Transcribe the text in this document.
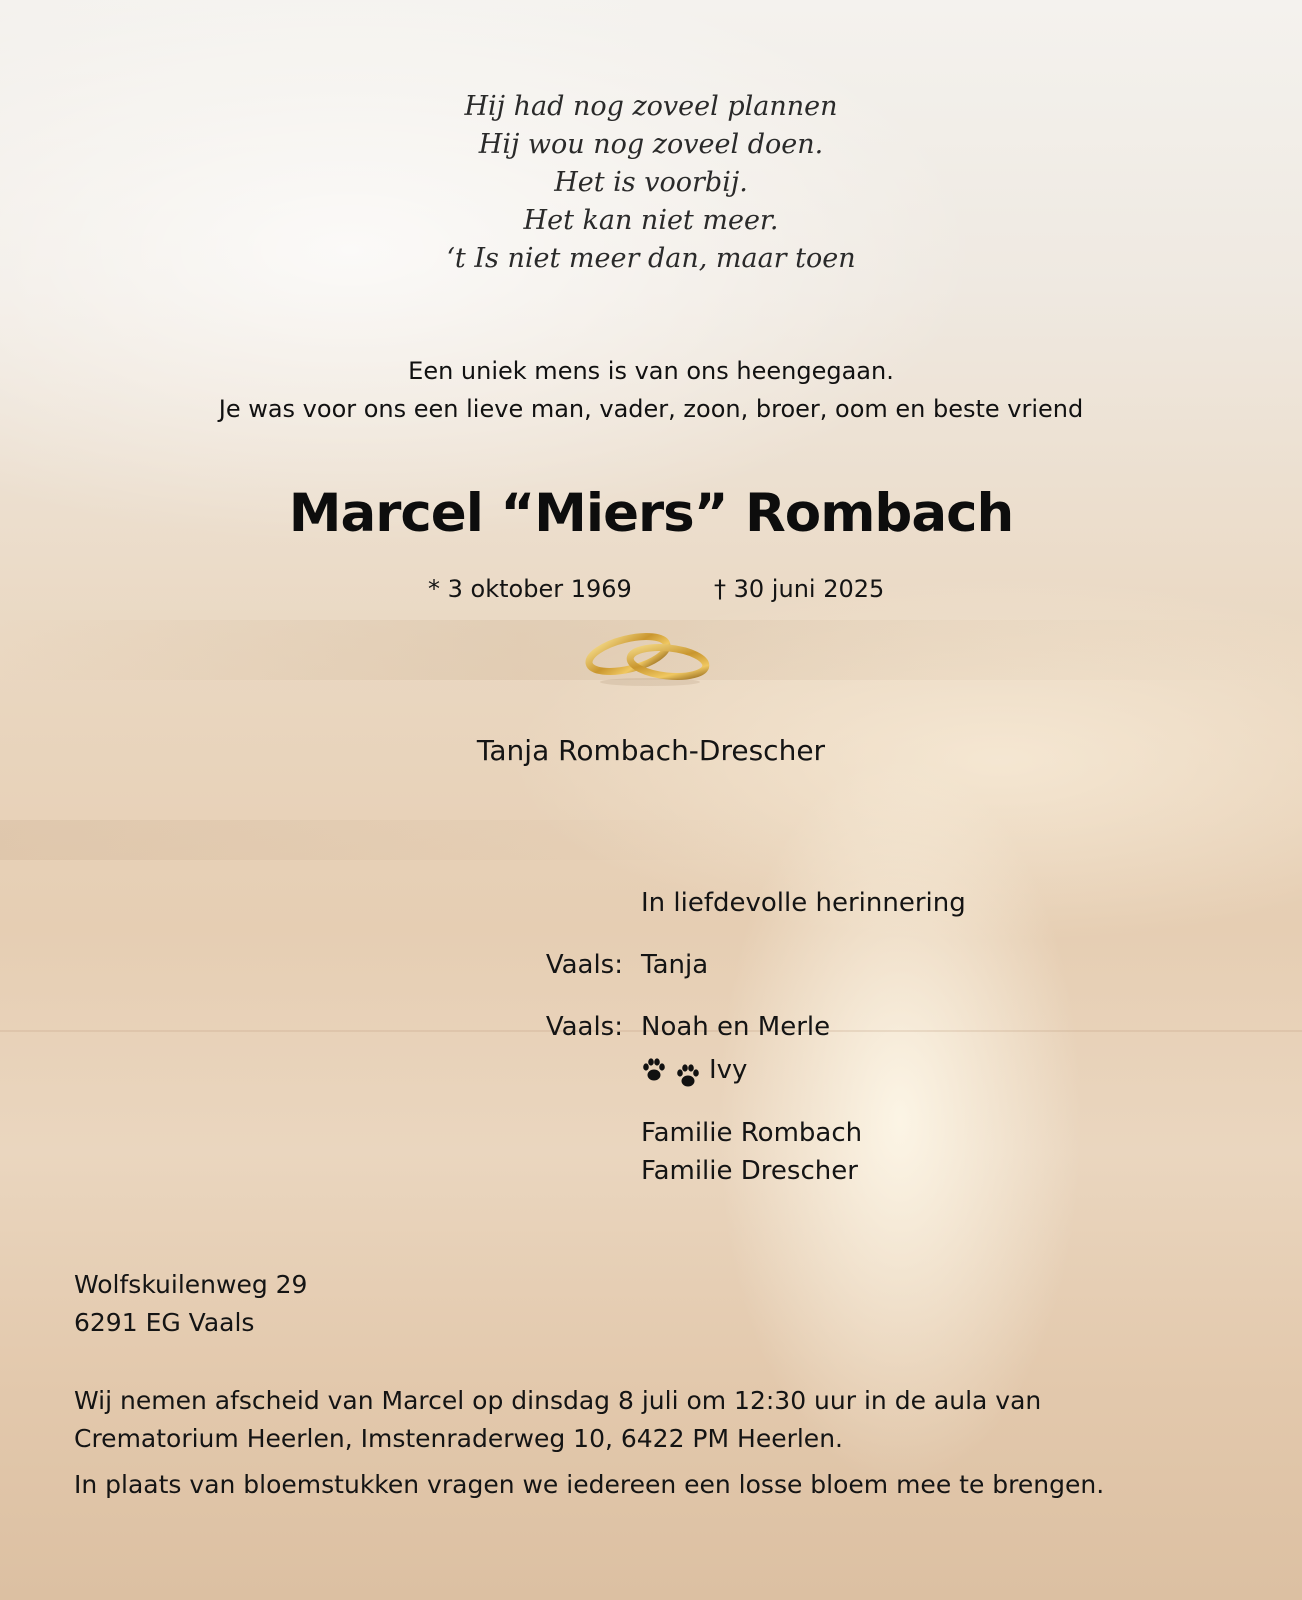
Hij had nog zoveel plannen
Hij wou nog zoveel doen.
Het is voorbij.
Het kan niet meer.
‘t Is niet meer dan, maar toen
Een uniek mens is van ons heengegaan.
Je was voor ons een lieve man, vader, zoon, broer, oom en beste vriend
Marcel “Miers” Rombach
* 3 oktober 1969	† 30 juni 2025
Tanja Rombach-Drescher
In liefdevolle herinnering
Vaals: Tanja
Vaals: Noah en Merle
Ivy
Familie Rombach
Familie Drescher
Wolfskuilenweg 29
6291 EG Vaals
Wij nemen afscheid van Marcel op dinsdag 8 juli om 12:30 uur in de aula van
Crematorium Heerlen, Imstenraderweg 10, 6422 PM Heerlen.
In plaats van bloemstukken vragen we iedereen een losse bloem mee te brengen.
